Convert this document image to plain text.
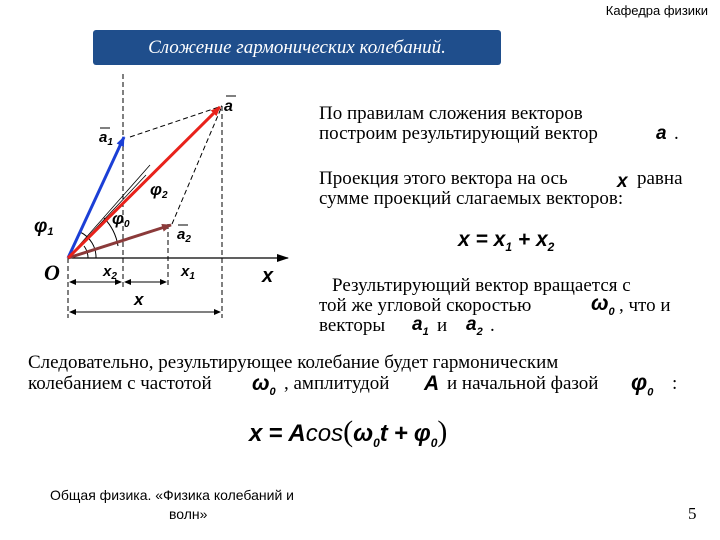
Кафедра физики
Сложение гармонических колебаний.
a
$a_1$
$a_2$
φ2
φ0
φ1
O	x
$x_2$	$x_1$
x
По правилам сложения векторов
построим результирующий вектор	a .
Проекция этого вектора на ось	x равна
сумме проекций слагаемых векторов:
$x = x_1 + x_2$
Результирующий вектор вращается с
той же угловой скоростью	$\omega_0$ , что и
векторы $a_1$ и $a_2$ .
Следовательно, результирующее колебание будет гармоническим
колебанием с частотой $\omega_0$ , амплитудой A и начальной фазой $\varphi_0$ :
$x = Acos(\omega_0t + \varphi_0)$
Общая физика. «Физика колебаний и
волн»	5
